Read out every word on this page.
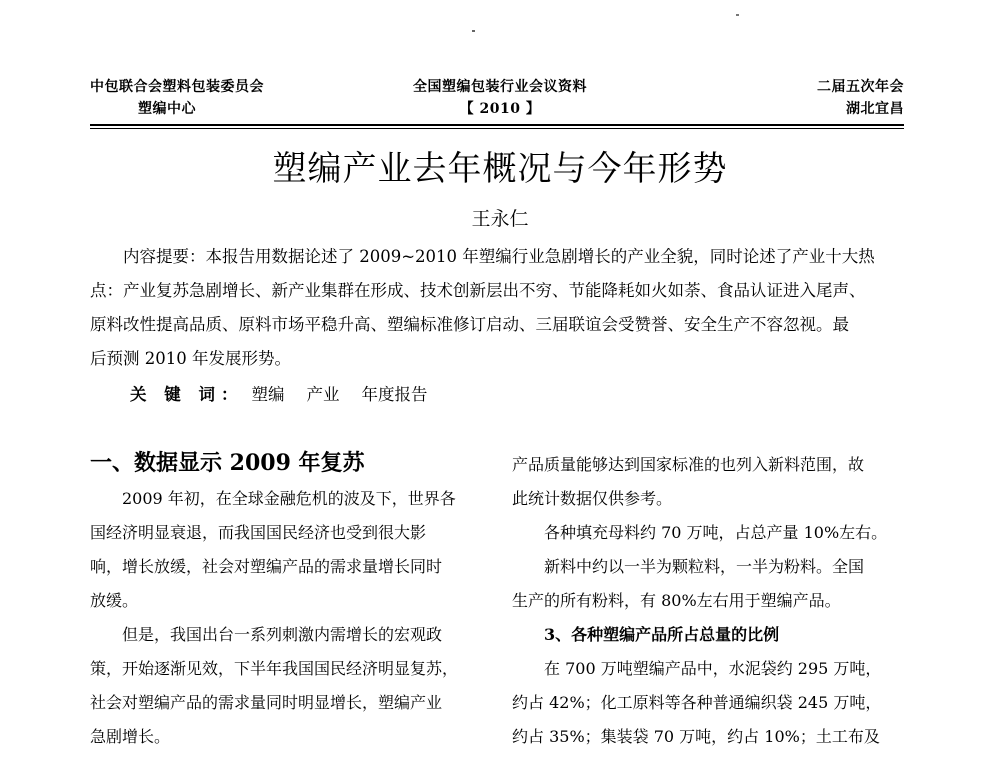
中包联合会塑料包装委员会
塑编中心
全国塑编包装行业会议资料
【 2010 】
二届五次年会
湖北宜昌
塑编产业去年概况与今年形势
王永仁
　　内容提要：本报告用数据论述了 2009~2010 年塑编行业急剧增长的产业全貌，同时论述了产业十大热
点：产业复苏急剧增长、新产业集群在形成、技术创新层出不穷、节能降耗如火如荼、食品认证进入尾声、
原料改性提高品质、原料市场平稳升高、塑编标准修订启动、三届联谊会受赞誉、安全生产不容忽视。最
后预测 2010 年发展形势。
关 键 词： 塑编 产业 年度报告
一、数据显示 2009 年复苏
　　2009 年初，在全球金融危机的波及下，世界各
国经济明显衰退，而我国国民经济也受到很大影
响，增长放缓，社会对塑编产品的需求量增长同时
放缓。
　　但是，我国出台一系列刺激内需增长的宏观政
策，开始逐渐见效，下半年我国国民经济明显复苏，
社会对塑编产品的需求量同时明显增长，塑编产业
急剧增长。
产品质量能够达到国家标准的也列入新料范围，故
此统计数据仅供参考。
　　各种填充母料约 70 万吨，占总产量 10%左右。
　　新料中约以一半为颗粒料，一半为粉料。全国
生产的所有粉料，有 80%左右用于塑编产品。
　　3、各种塑编产品所占总量的比例
　　在 700 万吨塑编产品中，水泥袋约 295 万吨，
约占 42%；化工原料等各种普通编织袋 245 万吨，
约占 35%；集装袋 70 万吨，约占 10%；土工布及
